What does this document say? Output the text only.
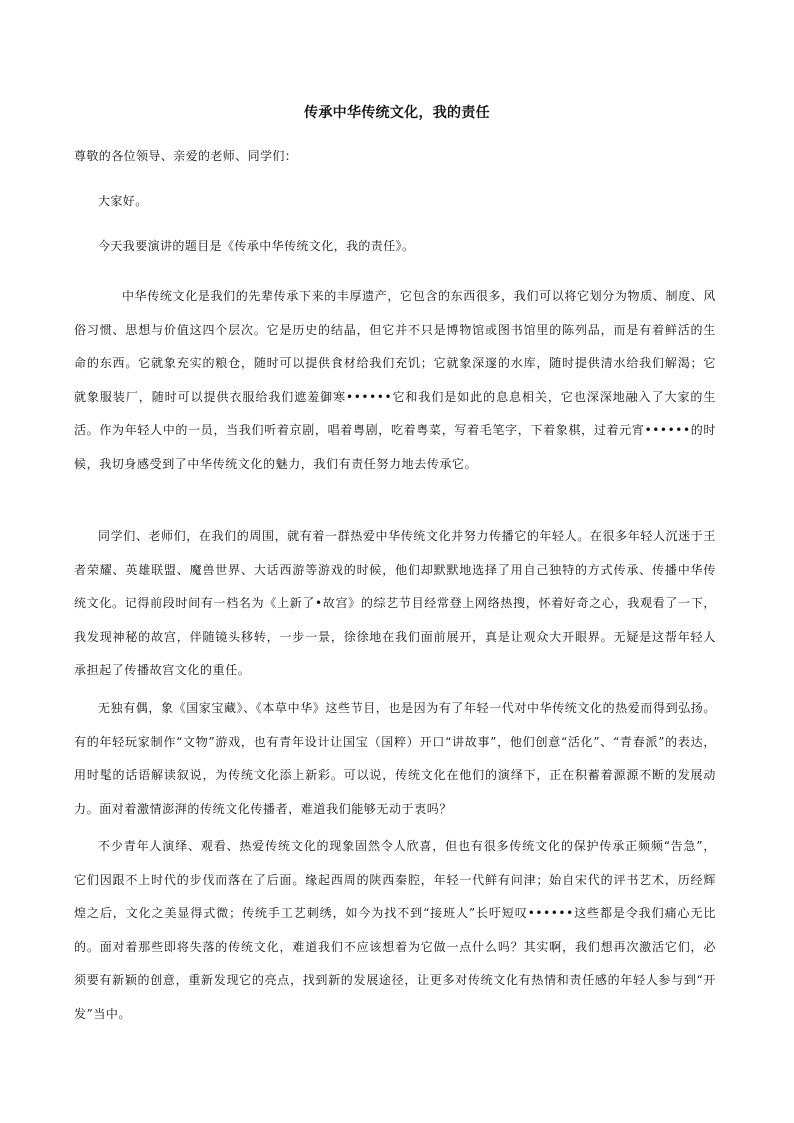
传承中华传统文化，我的责任
尊敬的各位领导、亲爱的老师、同学们：
大家好。
今天我要演讲的题目是《传承中华传统文化，我的责任》。

中华传统文化是我们的先辈传承下来的丰厚遗产，它包含的东西很多，我们可以将它划分为物质、制度、风俗习惯、思想与价值这四个层次。它是历史的结晶，但它并不只是博物馆或图书馆里的陈列品，而是有着鲜活的生命的东西。它就象充实的粮仓，随时可以提供食材给我们充饥；它就象深邃的水库，随时提供清水给我们解渴；它就象服装厂，随时可以提供衣服给我们遮羞御寒••••••它和我们是如此的息息相关，它也深深地融入了大家的生活。作为年轻人中的一员，当我们听着京剧，唱着粤剧，吃着粤菜，写着毛笔字，下着象棋，过着元宵••••••的时候，我切身感受到了中华传统文化的魅力，我们有责任努力地去传承它。

同学们、老师们，在我们的周围，就有着一群热爱中华传统文化并努力传播它的年轻人。在很多年轻人沉迷于王者荣耀、英雄联盟、魔兽世界、大话西游等游戏的时候，他们却默默地选择了用自己独特的方式传承、传播中华传统文化。记得前段时间有一档名为《上新了•故宫》的综艺节目经常登上网络热搜，怀着好奇之心，我观看了一下，我发现神秘的故宫，伴随镜头移转，一步一景，徐徐地在我们面前展开，真是让观众大开眼界。无疑是这帮年轻人承担起了传播故宫文化的重任。

无独有偶，象《国家宝藏》、《本草中华》这些节目，也是因为有了年轻一代对中华传统文化的热爱而得到弘扬。有的年轻玩家制作“文物”游戏，也有青年设计让国宝（国粹）开口“讲故事”，他们创意“活化”、“青春派”的表达，用时髦的话语解读叙说，为传统文化添上新彩。可以说，传统文化在他们的演绎下，正在积蓄着源源不断的发展动力。面对着激情澎湃的传统文化传播者，难道我们能够无动于衷吗？

不少青年人演绎、观看、热爱传统文化的现象固然令人欣喜，但也有很多传统文化的保护传承正频频“告急”，它们因跟不上时代的步伐而落在了后面。缘起西周的陕西秦腔，年轻一代鲜有问津；始自宋代的评书艺术，历经辉煌之后，文化之美显得式微；传统手工艺刺绣，如今为找不到“接班人”长吁短叹••••••这些都是令我们痛心无比的。面对着那些即将失落的传统文化，难道我们不应该想着为它做一点什么吗？其实啊，我们想再次激活它们，必须要有新颖的创意，重新发现它的亮点，找到新的发展途径，让更多对传统文化有热情和责任感的年轻人参与到“开发”当中。
